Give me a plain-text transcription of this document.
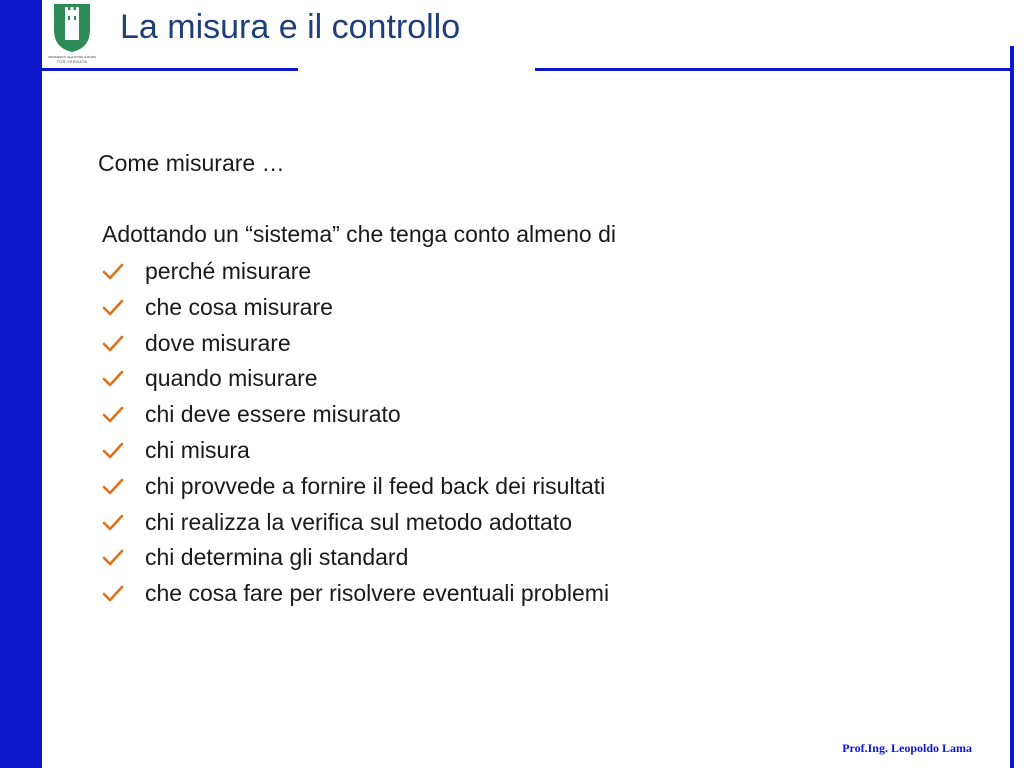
UNIVERSITA' degli STUDI di ROMA
TOR VERGATA
La misura e il controllo
Come misurare …
Adottando un “sistema” che tenga conto almeno di
perché misurare
che cosa misurare
dove misurare
quando misurare
chi deve essere misurato
chi misura
chi provvede a fornire il feed back dei risultati
chi realizza la verifica sul metodo adottato
chi determina gli standard
che cosa fare per risolvere eventuali problemi
Prof.Ing. Leopoldo Lama
